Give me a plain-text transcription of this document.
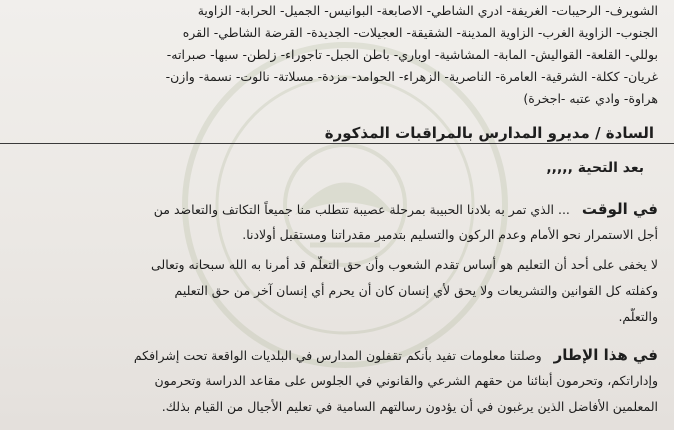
الشويرف- الرحيبات- الغريفة- ادري الشاطي- الاصابعة- البوانيس- الجميل- الحرابة- الزاوية
الجنوب- الزاوية الغرب- الزاوية المدينة- الشقيقة- العجيلات- الجديدة- القرضة الشاطي- القره
بوللي- القلعة- القواليش- المابة- المشاشية- اوباري- باطن الجبل- تاجوراء- زلطن- سبها- صبراته-
غريان- ككلة- الشرقية- العامرة- الناصرية- الزهراء- الحوامد- مزدة- مسلاتة- نالوت- نسمة- وازن-
هراوة- وادي عتبه -اجخرة)
السادة / مديرو المدارس بالمراقبات المذكورة
بعد التحية ,,,,,
في الوقت ... الذي تمر به بلادنا الحبيبة بمرحلة عصيبة تتطلب منا جميعاً التكاتف والتعاضد من
أجل الاستمرار نحو الأمام وعدم الركون والتسليم بتدمير مقدراتنا ومستقبل أولادنا.
لا يخفى على أحد أن التعليم هو أساس تقدم الشعوب وأن حق التعلّم قد أمرنا به الله سبحانه وتعالى
وكفلته كل القوانين والتشريعات ولا يحق لأي إنسان كان أن يحرم أي إنسان آخر من حق التعليم
والتعلّم.
في هذا الإطار وصلتنا معلومات تفيد بأنكم تقفلون المدارس في البلديات الواقعة تحت إشرافكم
وإداراتكم، وتحرمون أبنائنا من حقهم الشرعي والقانوني في الجلوس على مقاعد الدراسة وتحرمون
المعلمين الأفاضل الذين يرغبون في أن يؤدون رسالتهم السامية في تعليم الأجيال من القيام بذلك.
